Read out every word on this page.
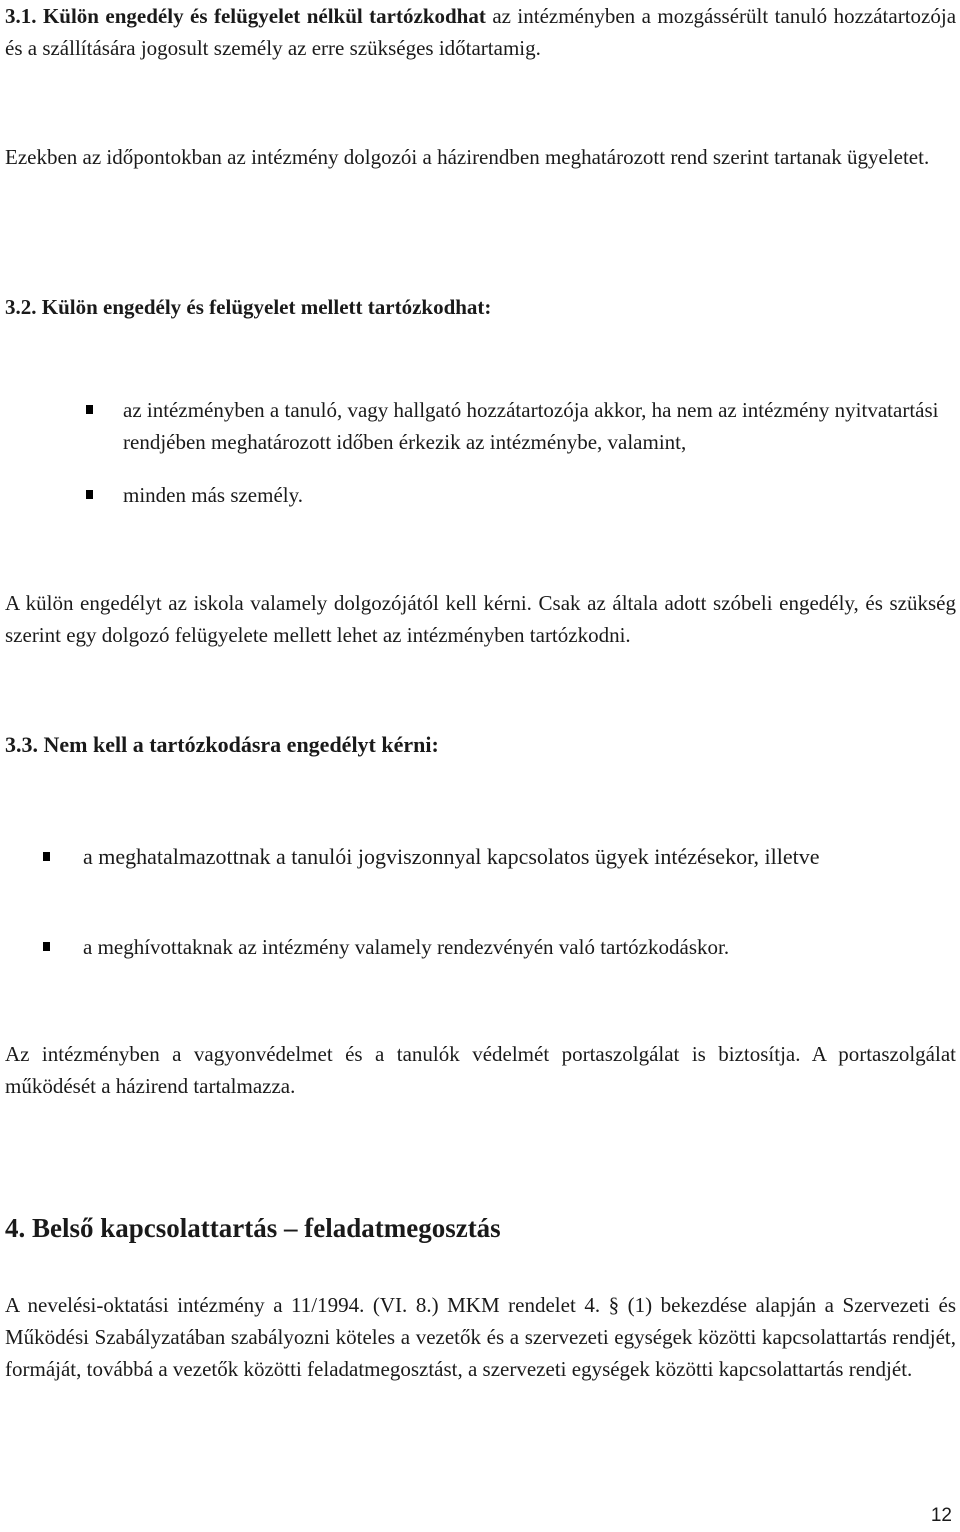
3.1. Külön engedély és felügyelet nélkül tartózkodhat az intézményben a mozgássérült tanuló hozzátartozója és a szállítására jogosult személy az erre szükséges időtartamig.
Ezekben az időpontokban az intézmény dolgozói a házirendben meghatározott rend szerint tartanak ügyeletet.
3.2. Külön engedély és felügyelet mellett tartózkodhat:
az intézményben a tanuló, vagy hallgató hozzátartozója akkor, ha nem az intézmény nyitvatartási rendjében meghatározott időben érkezik az intézménybe, valamint,
minden más személy.
A külön engedélyt az iskola valamely dolgozójától kell kérni. Csak az általa adott szóbeli engedély, és szükség szerint egy dolgozó felügyelete mellett lehet az intézményben tartózkodni.
3.3. Nem kell a tartózkodásra engedélyt kérni:
a meghatalmazottnak a tanulói jogviszonnyal kapcsolatos ügyek intézésekor, illetve
a meghívottaknak az intézmény valamely rendezvényén való tartózkodáskor.
Az intézményben a vagyonvédelmet és a tanulók védelmét portaszolgálat is biztosítja. A portaszolgálat működését a házirend tartalmazza.
4. Belső kapcsolattartás – feladatmegosztás
A nevelési-oktatási intézmény a 11/1994. (VI. 8.) MKM rendelet 4. § (1) bekezdése alapján a Szervezeti és Működési Szabályzatában szabályozni köteles a vezetők és a szervezeti egységek közötti kapcsolattartás rendjét, formáját, továbbá a vezetők közötti feladatmegosztást, a szervezeti egységek közötti kapcsolattartás rendjét.
12
